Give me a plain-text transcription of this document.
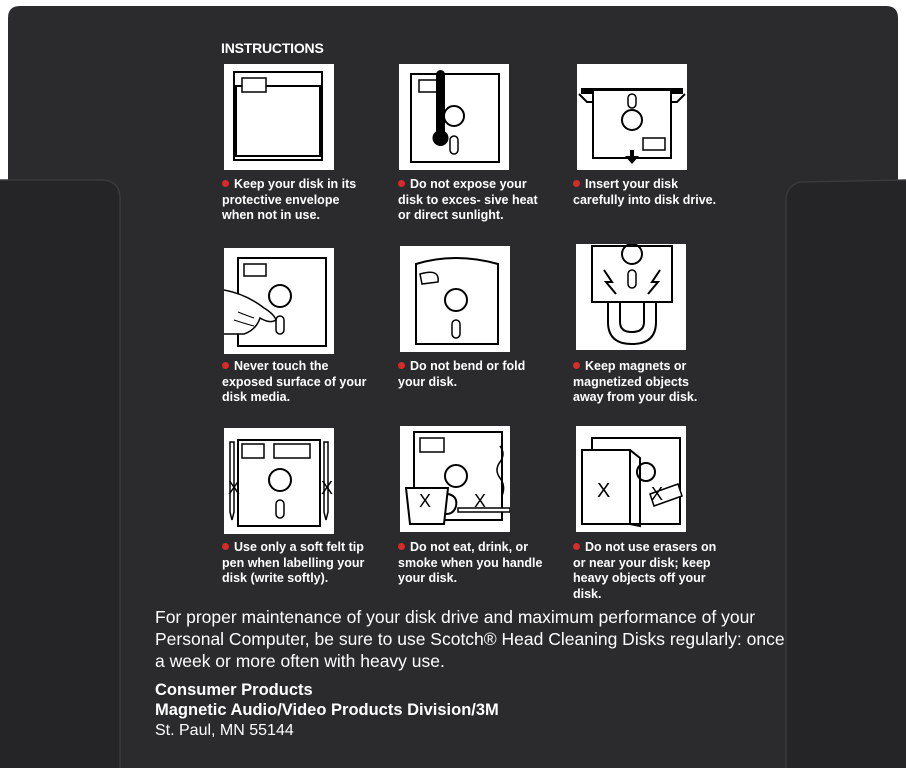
INSTRUCTIONS
Keep your disk in its protective envelope when not in use.
Do not expose your disk to exces- sive heat or direct sunlight.
Insert your disk carefully into disk drive.
Never touch the exposed surface of your disk media.
Do not bend or fold your disk.
Keep magnets or magnetized objects away from your disk.
X	X
Use only a soft felt tip pen when labelling your disk (write softly).
X X
Do not eat, drink, or smoke when you handle your disk.
X X
Do not use erasers on or near your disk; keep heavy objects off your disk.
For proper maintenance of your disk drive and maximum performance of your Personal Computer, be sure to use Scotch® Head Cleaning Disks regularly: once a week or more often with heavy use.
Consumer Products
Magnetic Audio/Video Products Division/3M
St. Paul, MN 55144
